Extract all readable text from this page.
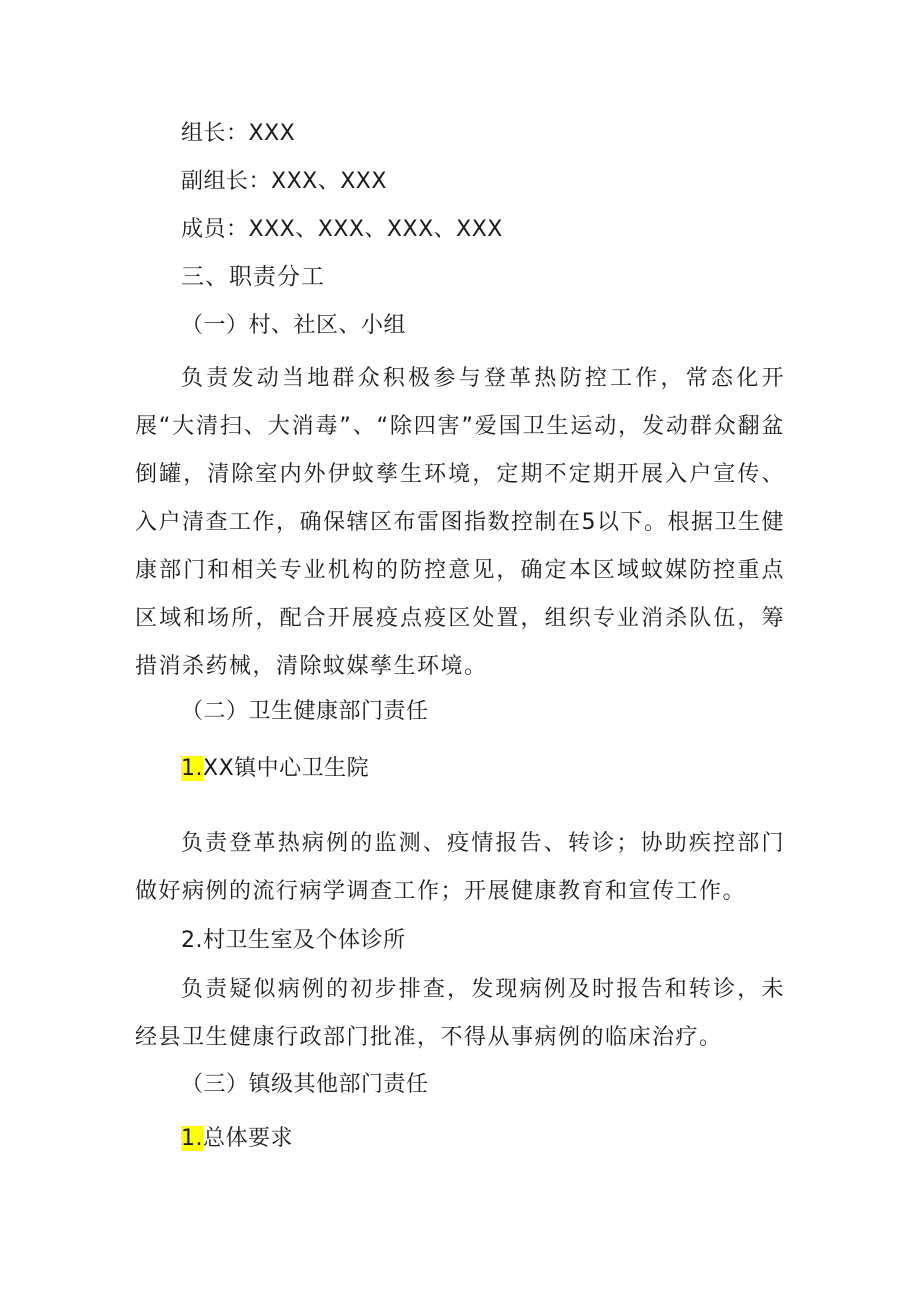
组长：XXX
副组长：XXX、XXX
成员：XXX、XXX、XXX、XXX
三、职责分工
（一）村、社区、小组

负责发动当地群众积极参与登革热防控工作，常态化开展“大清扫、大消毒”、“除四害”爱国卫生运动，发动群众翻盆倒罐，清除室内外伊蚊孳生环境，定期不定期开展入户宣传、入户清查工作，确保辖区布雷图指数控制在5以下。根据卫生健康部门和相关专业机构的防控意见，确定本区域蚊媒防控重点区域和场所，配合开展疫点疫区处置，组织专业消杀队伍，筹措消杀药械，清除蚊媒孳生环境。

（二）卫生健康部门责任
1.XX镇中心卫生院

负责登革热病例的监测、疫情报告、转诊；协助疾控部门做好病例的流行病学调查工作；开展健康教育和宣传工作。

2.村卫生室及个体诊所

负责疑似病例的初步排查，发现病例及时报告和转诊，未经县卫生健康行政部门批准，不得从事病例的临床治疗。

（三）镇级其他部门责任
1.总体要求
